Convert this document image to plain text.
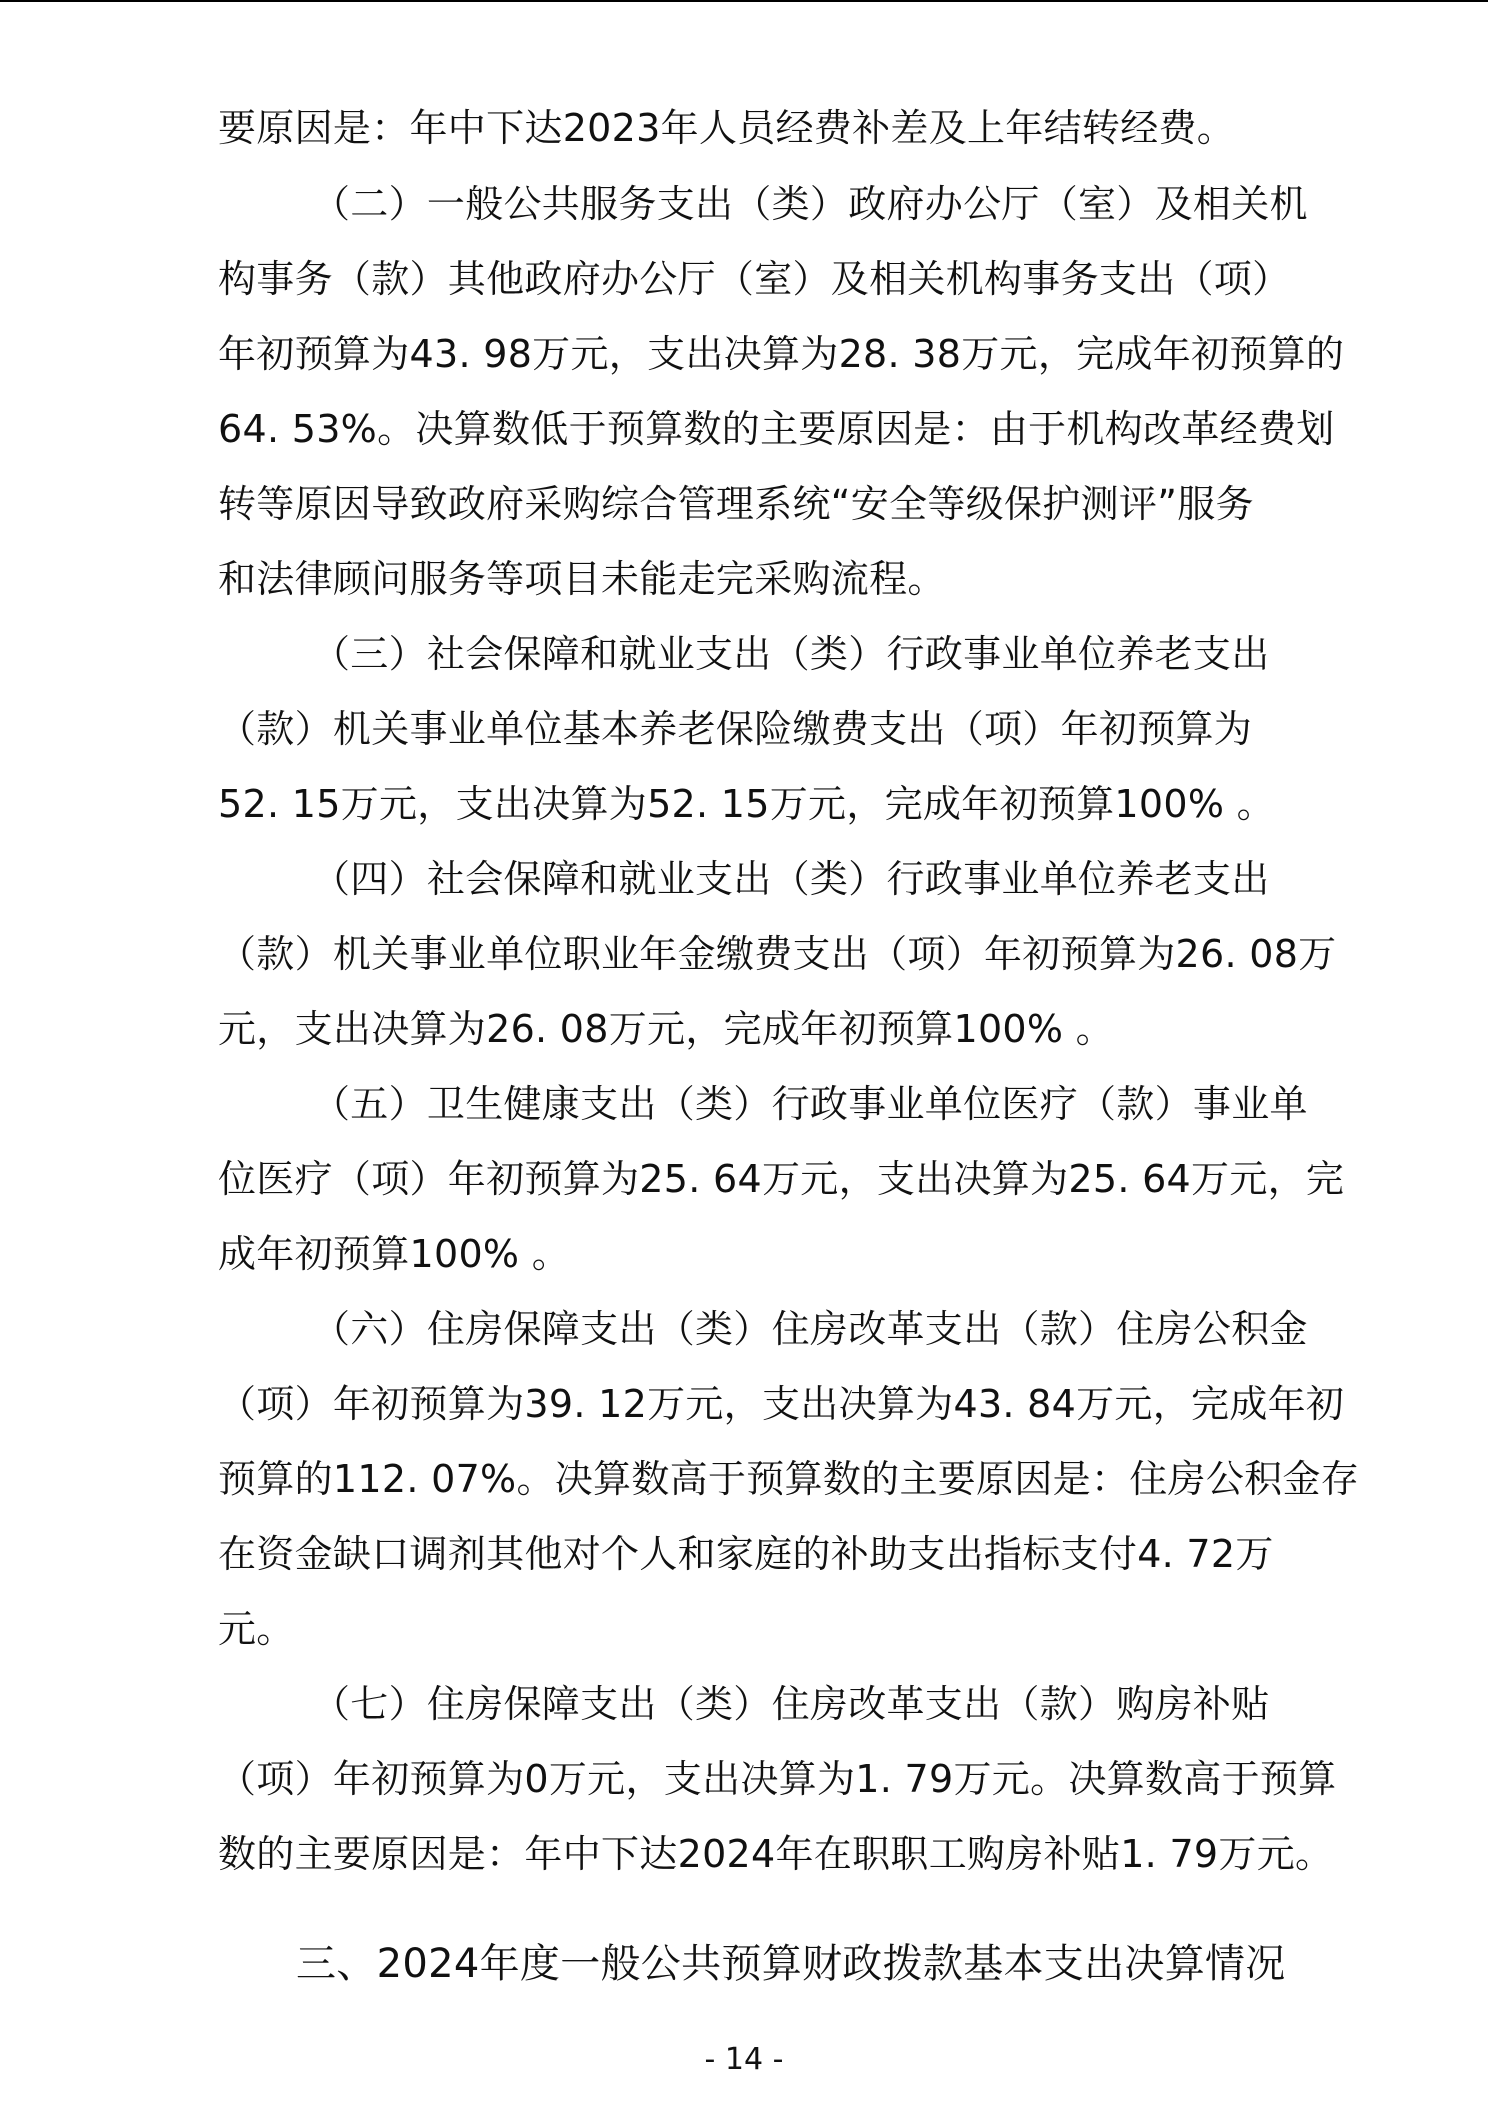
要原因是：年中下达2023年人员经费补差及上年结转经费。
（二）一般公共服务支出（类）政府办公厅（室）及相关机
构事务（款）其他政府办公厅（室）及相关机构事务支出（项）
年初预算为43. 98万元，支出决算为28. 38万元，完成年初预算的
64. 53%。决算数低于预算数的主要原因是：由于机构改革经费划
转等原因导致政府采购综合管理系统“安全等级保护测评”服务
和法律顾问服务等项目未能走完采购流程。
（三）社会保障和就业支出（类）行政事业单位养老支出
（款）机关事业单位基本养老保险缴费支出（项）年初预算为
52. 15万元，支出决算为52. 15万元，完成年初预算100% 。
（四）社会保障和就业支出（类）行政事业单位养老支出
（款）机关事业单位职业年金缴费支出（项）年初预算为26. 08万
元，支出决算为26. 08万元，完成年初预算100% 。
（五）卫生健康支出（类）行政事业单位医疗（款）事业单
位医疗（项）年初预算为25. 64万元，支出决算为25. 64万元，完
成年初预算100% 。
（六）住房保障支出（类）住房改革支出（款）住房公积金
（项）年初预算为39. 12万元，支出决算为43. 84万元，完成年初
预算的112. 07%。决算数高于预算数的主要原因是：住房公积金存
在资金缺口调剂其他对个人和家庭的补助支出指标支付4. 72万
元。
（七）住房保障支出（类）住房改革支出（款）购房补贴
（项）年初预算为0万元，支出决算为1. 79万元。决算数高于预算
数的主要原因是：年中下达2024年在职职工购房补贴1. 79万元。
三、2024年度一般公共预算财政拨款基本支出决算情况
- 14 -
